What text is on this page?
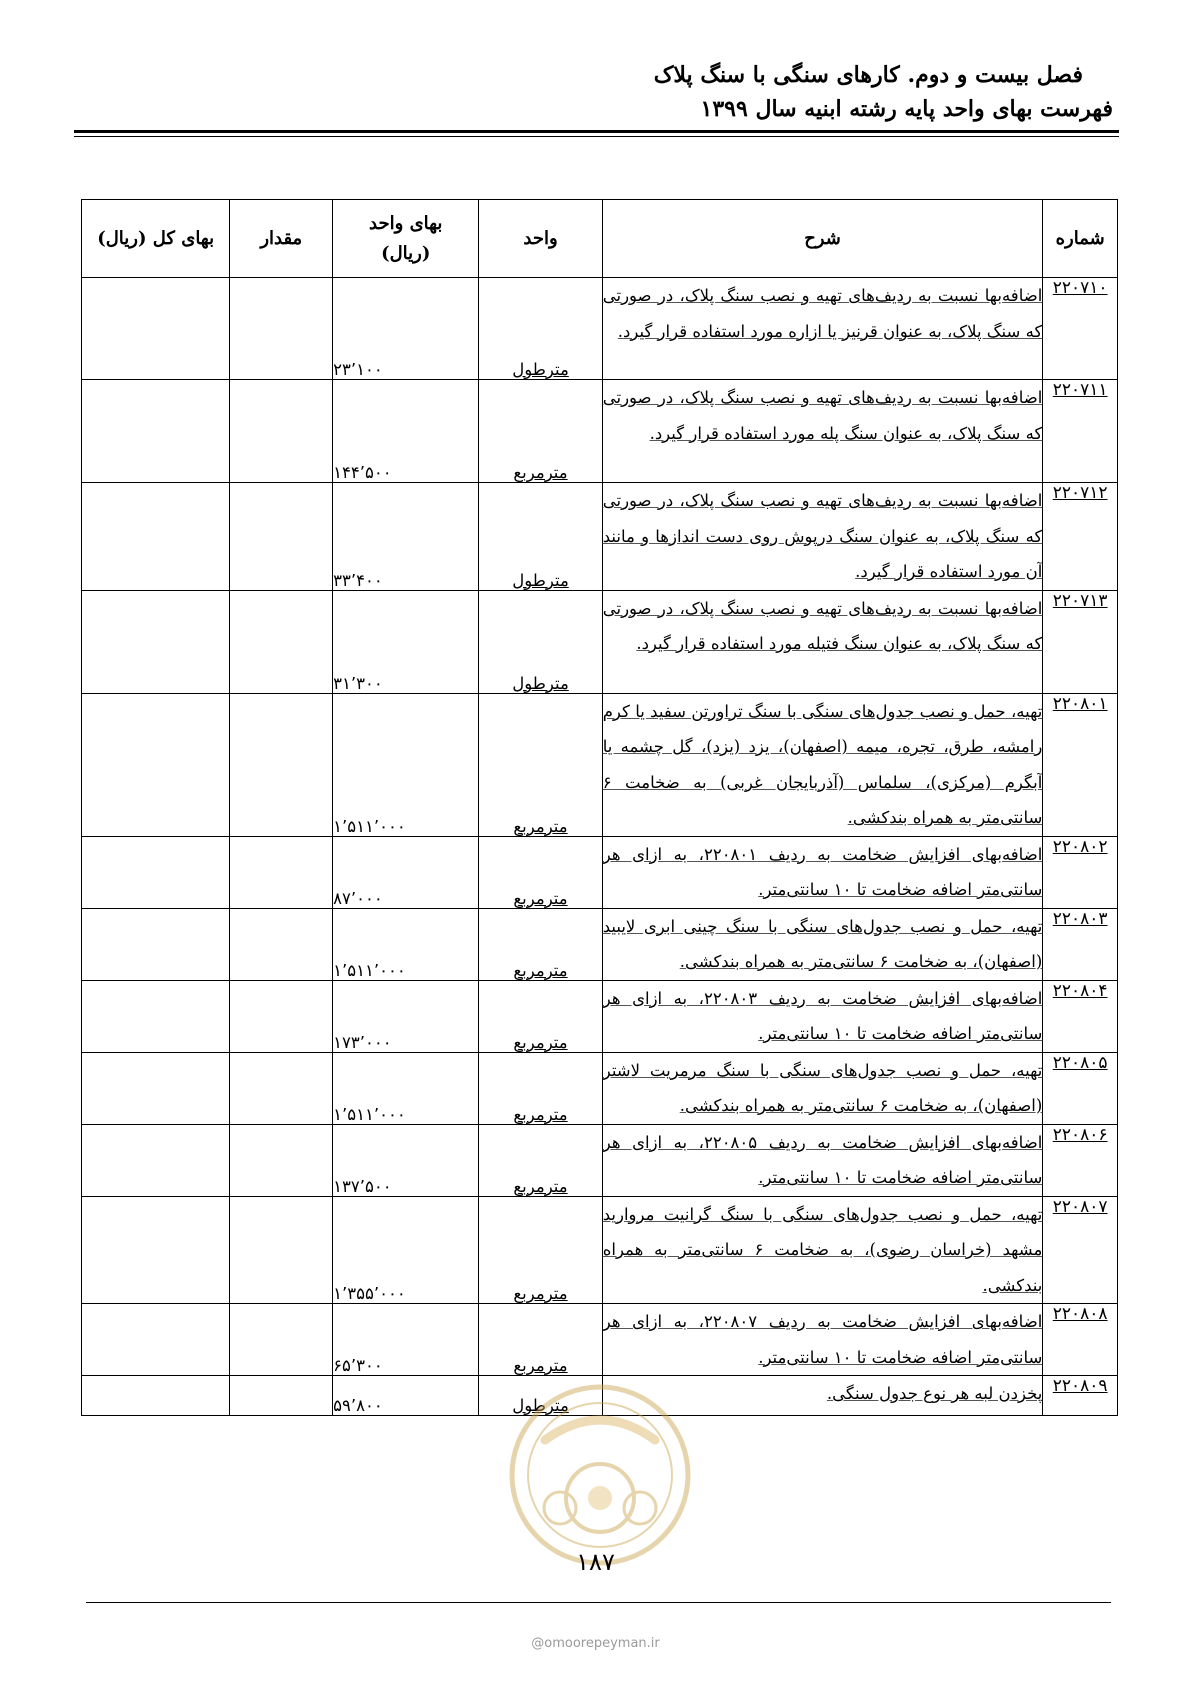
فصل بیست و دوم. کارهای سنگی با سنگ پلاک
فهرست بهای واحد پایه رشته ابنیه سال ۱۳۹۹
شماره	شرح	واحد	بهای واحد (ریال)	مقدار	بهای کل (ریال)
۲۲۰۷۱۰	اضافه‌بها نسبت به ردیف‌های تهیه و نصب سنگ پلاک، در صورتی که سنگ پلاک، به عنوان قرنیز یا ازاره مورد استفاده قرار گیرد.	مترطول	۲۳٬۱۰۰		
۲۲۰۷۱۱	اضافه‌بها نسبت به ردیف‌های تهیه و نصب سنگ پلاک، در صورتی که سنگ پلاک، به عنوان سنگ پله مورد استفاده قرار گیرد.	مترمربع	۱۴۴٬۵۰۰		
۲۲۰۷۱۲	اضافه‌بها نسبت به ردیف‌های تهیه و نصب سنگ پلاک، در صورتی که سنگ پلاک، به عنوان سنگ درپوش روی دست اندازها و مانند آن مورد استفاده قرار گیرد.	مترطول	۳۳٬۴۰۰		
۲۲۰۷۱۳	اضافه‌بها نسبت به ردیف‌های تهیه و نصب سنگ پلاک، در صورتی که سنگ پلاک، به عنوان سنگ فتیله مورد استفاده قرار گیرد.	مترطول	۳۱٬۳۰۰		
۲۲۰۸۰۱	تهیه، حمل و نصب جدول‌های سنگی با سنگ تراورتن سفید یا کرم رامشه، طرق، تجره، میمه (اصفهان)، یزد (یزد)، گل چشمه یا آبگرم (مرکزی)، سلماس (آذربایجان غربی) به ضخامت ۶ سانتی‌متر به همراه بندکشی.	مترمربع	۱٬۵۱۱٬۰۰۰		
۲۲۰۸۰۲	اضافه‌بهای افزایش ضخامت به ردیف ۲۲۰۸۰۱، به ازای هر سانتی‌متر اضافه ضخامت تا ۱۰ سانتی‌متر.	مترمربع	۸۷٬۰۰۰		
۲۲۰۸۰۳	تهیه، حمل و نصب جدول‌های سنگی با سنگ چینی ابری لایبید (اصفهان)، به ضخامت ۶ سانتی‌متر به همراه بندکشی.	مترمربع	۱٬۵۱۱٬۰۰۰		
۲۲۰۸۰۴	اضافه‌بهای افزایش ضخامت به ردیف ۲۲۰۸۰۳، به ازای هر سانتی‌متر اضافه ضخامت تا ۱۰ سانتی‌متر.	مترمربع	۱۷۳٬۰۰۰		
۲۲۰۸۰۵	تهیه، حمل و نصب جدول‌های سنگی با سنگ مرمریت لاشتر (اصفهان)، به ضخامت ۶ سانتی‌متر به همراه بندکشی.	مترمربع	۱٬۵۱۱٬۰۰۰		
۲۲۰۸۰۶	اضافه‌بهای افزایش ضخامت به ردیف ۲۲۰۸۰۵، به ازای هر سانتی‌متر اضافه ضخامت تا ۱۰ سانتی‌متر.	مترمربع	۱۳۷٬۵۰۰		
۲۲۰۸۰۷	تهیه، حمل و نصب جدول‌های سنگی با سنگ گرانیت مروارید مشهد (خراسان رضوی)، به ضخامت ۶ سانتی‌متر به همراه بندکشی.	مترمربع	۱٬۳۵۵٬۰۰۰		
۲۲۰۸۰۸	اضافه‌بهای افزایش ضخامت به ردیف ۲۲۰۸۰۷، به ازای هر سانتی‌متر اضافه ضخامت تا ۱۰ سانتی‌متر.	مترمربع	۶۵٬۳۰۰		
۲۲۰۸۰۹	پخزدن لبه هر نوع جدول سنگی.	مترطول	۵۹٬۸۰۰		
۱۸۷
@omoorepeyman.ir
